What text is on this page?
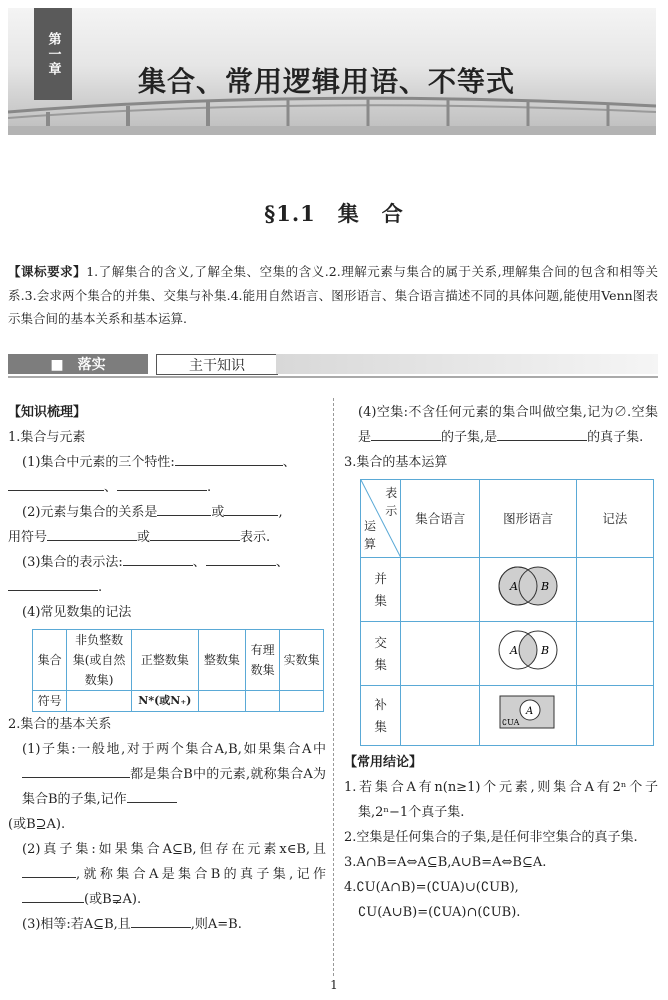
第一章
集合、常用逻辑用语、不等式
§1.1　集　合
【课标要求】1.了解集合的含义,了解全集、空集的含义.2.理解元素与集合的属于关系,理解集合间的包含和相等关系.3.会求两个集合的并集、交集与补集.4.能用自然语言、图形语言、集合语言描述不同的具体问题,能使用Venn图表示集合间的基本关系和基本运算.
■　落实	主干知识

【知识梳理】

1.集合与元素

(1)集合中元素的三个特性:	、

、	.

(2)元素与集合的关系是	或	,

用符号	或	表示.

(3)集合的表示法:	、	、

.

(4)常见数集的记法

集合	非负整数集(或自然数集)	正整数集	整数集	有理数集	实数集
符号		N*(或N₊)			

2.集合的基本关系

(1)子集:一般地,对于两个集合A,B,如果集合A中都是集合B中的元素,就称集合A为集合B的子集,记作

(或B⊇A).

(2)真子集:如果集合A⊆B,但存在元素x∈B,且,就称集合A是集合B的真子集,记作(或B⊋A).

(3)相等:若A⊆B,且	,则A=B.

(4)空集:不含任何元素的集合叫做空集,记为∅.空集是	的子集,是	的真子集.

3.集合的基本运算

表示
运算	集合语言	图形语言	记法

并集		A B	

交集		A B	

补集		A
∁UA	

【常用结论】

1.若集合A有n(n≥1)个元素,则集合A有2ⁿ个子集,2ⁿ−1个真子集.

2.空集是任何集合的子集,是任何非空集合的真子集.

3.A∩B=A⇔A⊆B,A∪B=A⇔B⊆A.

4.∁U(A∩B)=(∁UA)∪(∁UB),

∁U(A∪B)=(∁UA)∩(∁UB).

1
